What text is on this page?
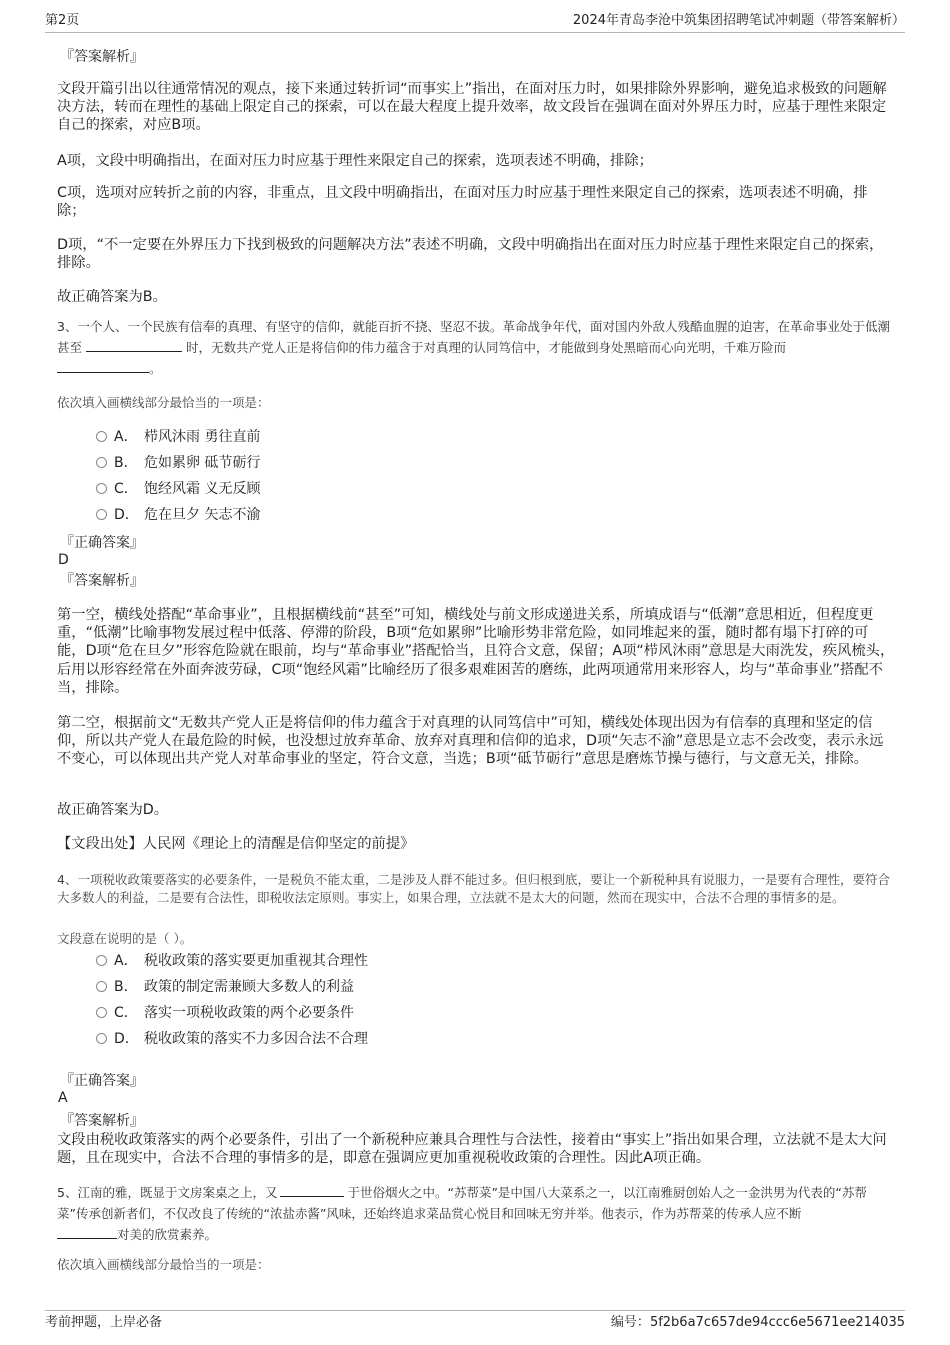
第2页	2024年青岛李沧中筑集团招聘笔试冲刺题（带答案解析）
『答案解析』
文段开篇引出以往通常情况的观点，接下来通过转折词“而事实上”指出，在面对压力时，如果排除外界影响，避免追求极致的问题解决方法，转而在理性的基础上限定自己的探索，可以在最大程度上提升效率，故文段旨在强调在面对外界压力时，应基于理性来限定自己的探索，对应B项。
A项，文段中明确指出，在面对压力时应基于理性来限定自己的探索，选项表述不明确，排除；
C项，选项对应转折之前的内容，非重点，且文段中明确指出，在面对压力时应基于理性来限定自己的探索，选项表述不明确，排除；
D项，“不一定要在外界压力下找到极致的问题解决方法”表述不明确，文段中明确指出在面对压力时应基于理性来限定自己的探索，排除。
故正确答案为B。
3、一个人、一个民族有信奉的真理、有坚守的信仰，就能百折不挠、坚忍不拔。革命战争年代，面对国内外敌人残酷血腥的迫害，在革命事业处于低潮甚至	时，无数共产党人正是将信仰的伟力蕴含于对真理的认同笃信中，才能做到身处黑暗而心向光明，千难万险而
。
依次填入画横线部分最恰当的一项是：
A． 栉风沐雨 勇往直前
B． 危如累卵 砥节砺行
C． 饱经风霜 义无反顾
D． 危在旦夕 矢志不渝
『正确答案』
D
『答案解析』
第一空，横线处搭配“革命事业”，且根据横线前“甚至”可知，横线处与前文形成递进关系，所填成语与“低潮”意思相近，但程度更重，“低潮”比喻事物发展过程中低落、停滞的阶段，B项“危如累卵”比喻形势非常危险，如同堆起来的蛋，随时都有塌下打碎的可能，D项“危在旦夕”形容危险就在眼前，均与“革命事业”搭配恰当，且符合文意，保留；A项“栉风沐雨”意思是大雨洗发，疾风梳头，后用以形容经常在外面奔波劳碌，C项“饱经风霜”比喻经历了很多艰难困苦的磨练，此两项通常用来形容人，均与“革命事业”搭配不当，排除。
第二空，根据前文“无数共产党人正是将信仰的伟力蕴含于对真理的认同笃信中”可知，横线处体现出因为有信奉的真理和坚定的信仰，所以共产党人在最危险的时候，也没想过放弃革命、放弃对真理和信仰的追求，D项“矢志不渝”意思是立志不会改变，表示永远不变心，可以体现出共产党人对革命事业的坚定，符合文意，当选；B项“砥节砺行”意思是磨炼节操与德行，与文意无关，排除。
故正确答案为D。
【文段出处】人民网《理论上的清醒是信仰坚定的前提》
4、一项税收政策要落实的必要条件，一是税负不能太重，二是涉及人群不能过多。但归根到底，要让一个新税种具有说服力，一是要有合理性，要符合大多数人的利益，二是要有合法性，即税收法定原则。事实上，如果合理，立法就不是太大的问题，然而在现实中，合法不合理的事情多的是。
文段意在说明的是（ ）。
A． 税收政策的落实要更加重视其合理性
B． 政策的制定需兼顾大多数人的利益
C． 落实一项税收政策的两个必要条件
D． 税收政策的落实不力多因合法不合理
『正确答案』
A
『答案解析』
文段由税收政策落实的两个必要条件，引出了一个新税种应兼具合理性与合法性，接着由“事实上”指出如果合理，立法就不是太大问题，且在现实中，合法不合理的事情多的是，即意在强调应更加重视税收政策的合理性。因此A项正确。
5、江南的雅，既显于文房案桌之上，又	于世俗烟火之中。“苏帮菜”是中国八大菜系之一，以江南雅厨创始人之一金洪男为代表的“苏帮菜”传承创新者们，不仅改良了传统的“浓盐赤酱”风味，还始终追求菜品赏心悦目和回味无穷并举。他表示，作为苏帮菜的传承人应不断
对美的欣赏素养。
依次填入画横线部分最恰当的一项是：
考前押题，上岸必备	编号：5f2b6a7c657de94ccc6e5671ee214035
